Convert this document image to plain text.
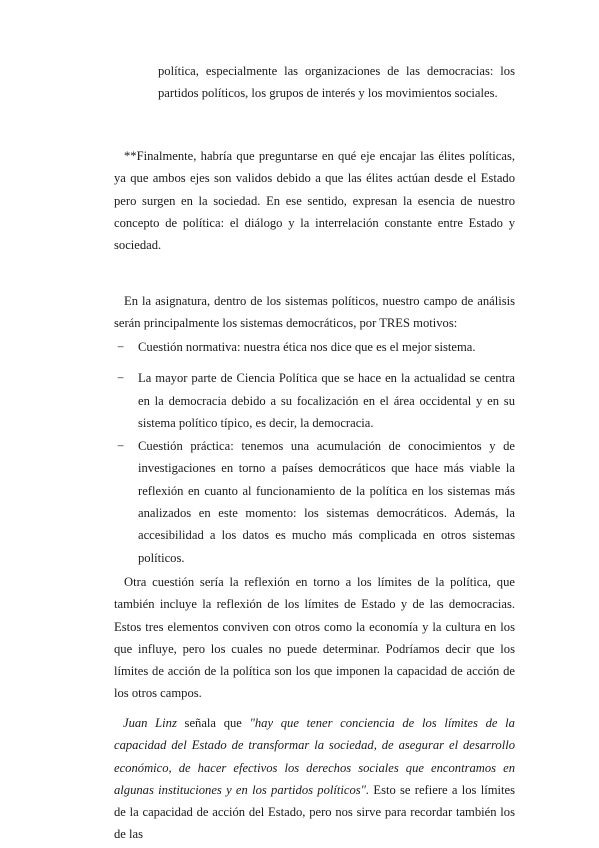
política, especialmente las organizaciones de las democracias: los partidos políticos, los grupos de interés y los movimientos sociales.
**Finalmente, habría que preguntarse en qué eje encajar las élites políticas, ya que ambos ejes son validos debido a que las élites actúan desde el Estado pero surgen en la sociedad. En ese sentido, expresan la esencia de nuestro concepto de política: el diálogo y la interrelación constante entre Estado y sociedad.
En la asignatura, dentro de los sistemas políticos, nuestro campo de análisis serán principalmente los sistemas democráticos, por TRES motivos:
− Cuestión normativa: nuestra ética nos dice que es el mejor sistema.
− La mayor parte de Ciencia Política que se hace en la actualidad se centra en la democracia debido a su focalización en el área occidental y en su sistema político típico, es decir, la democracia.
− Cuestión práctica: tenemos una acumulación de conocimientos y de investigaciones en torno a países democráticos que hace más viable la reflexión en cuanto al funcionamiento de la política en los sistemas más analizados en este momento: los sistemas democráticos. Además, la accesibilidad a los datos es mucho más complicada en otros sistemas políticos.
Otra cuestión sería la reflexión en torno a los límites de la política, que también incluye la reflexión de los límites de Estado y de las democracias. Estos tres elementos conviven con otros como la economía y la cultura en los que influye, pero los cuales no puede determinar. Podríamos decir que los límites de acción de la política son los que imponen la capacidad de acción de los otros campos.
Juan Linz señala que "hay que tener conciencia de los límites de la capacidad del Estado de transformar la sociedad, de asegurar el desarrollo económico, de hacer efectivos los derechos sociales que encontramos en algunas instituciones y en los partidos políticos". Esto se refiere a los límites de la capacidad de acción del Estado, pero nos sirve para recordar también los de las
